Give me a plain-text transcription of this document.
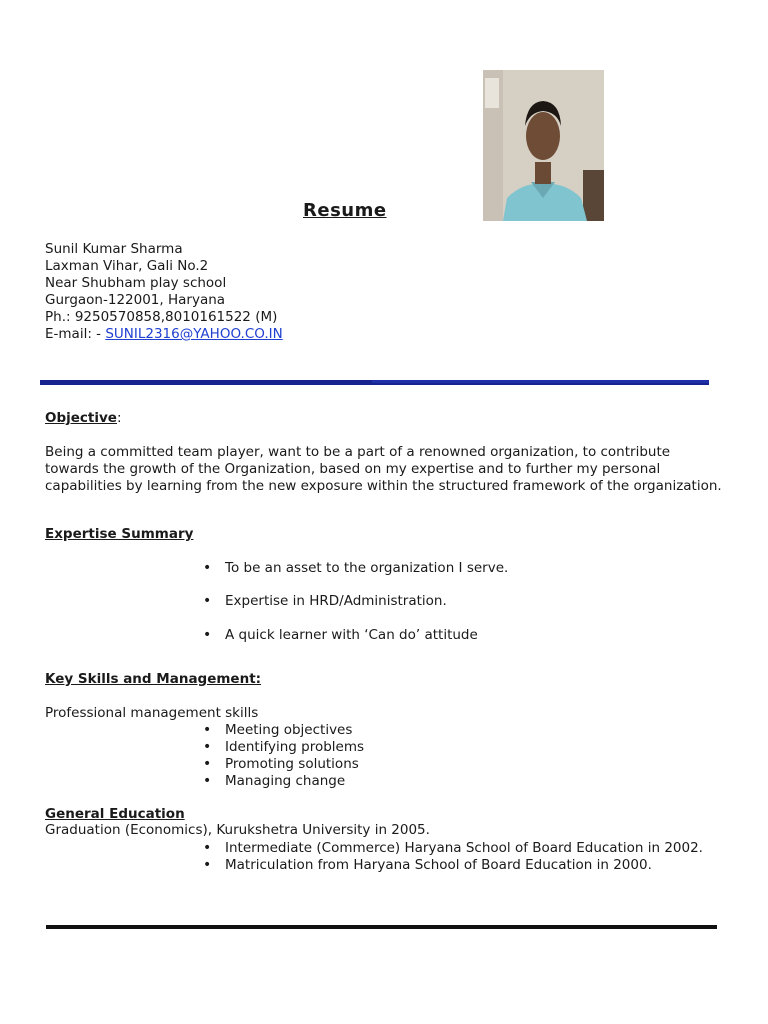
Resume
Sunil Kumar Sharma
Laxman Vihar, Gali No.2
Near Shubham play school
Gurgaon-122001, Haryana
Ph.: 9250570858,8010161522 (M)
E-mail: - SUNIL2316@YAHOO.CO.IN
Objective:
Being a committed team player, want to be a part of a renowned organization, to contribute towards the growth of the Organization, based on my expertise and to further my personal capabilities by learning from the new exposure within the structured framework of the organization.
Expertise Summary
• To be an asset to the organization I serve.
• Expertise in HRD/Administration.
• A quick learner with ‘Can do’ attitude
Key Skills and Management:
Professional management skills
• Meeting objectives
• Identifying problems
• Promoting solutions
• Managing change
General Education
Graduation (Economics), Kurukshetra University in 2005.
• Intermediate (Commerce) Haryana School of Board Education in 2002.
• Matriculation from Haryana School of Board Education in 2000.
